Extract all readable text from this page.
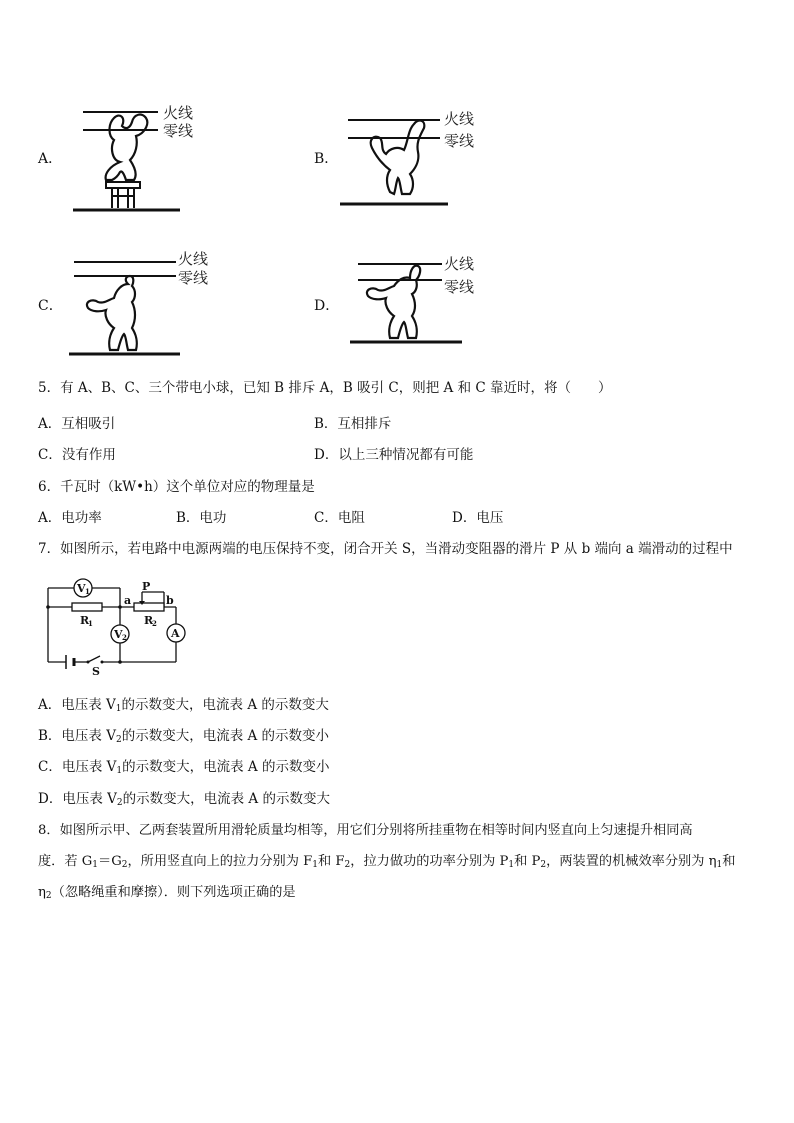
A．
火线
零线
B．
火线
零线
C．
火线
零线
D．
火线
零线
5．有 A、B、C、三个带电小球，已知 B 排斥 A，B 吸引 C，则把 A 和 C 靠近时，将（　　）
A．互相吸引	B．互相排斥
C．没有作用	D．以上三种情况都有可能
6．千瓦时（kW•h）这个单位对应的物理量是
A．电功率	B．电功	C．电阻	D．电压
7．如图所示，若电路中电源两端的电压保持不变，闭合开关 S，当滑动变阻器的滑片 P 从 b 端向 a 端滑动的过程中
V 1
V 2	A
R
1	R
2
a	b
P
S
A．电压表 $V_1$的示数变大，电流表 A 的示数变大
B．电压表 $V_2$的示数变大，电流表 A 的示数变小
C．电压表 $V_1$的示数变大，电流表 A 的示数变小
D．电压表 $V_2$的示数变大，电流表 A 的示数变大
8．如图所示甲、乙两套装置所用滑轮质量均相等，用它们分别将所挂重物在相等时间内竖直向上匀速提升相同高
度．若 $G_1=G_2$，所用竖直向上的拉力分别为 $F_1$和 $F_2$，拉力做功的功率分别为 $P_1$和 $P_2$，两装置的机械效率分别为 $\eta_1$和
$\eta_2$（忽略绳重和摩擦）．则下列选项正确的是
